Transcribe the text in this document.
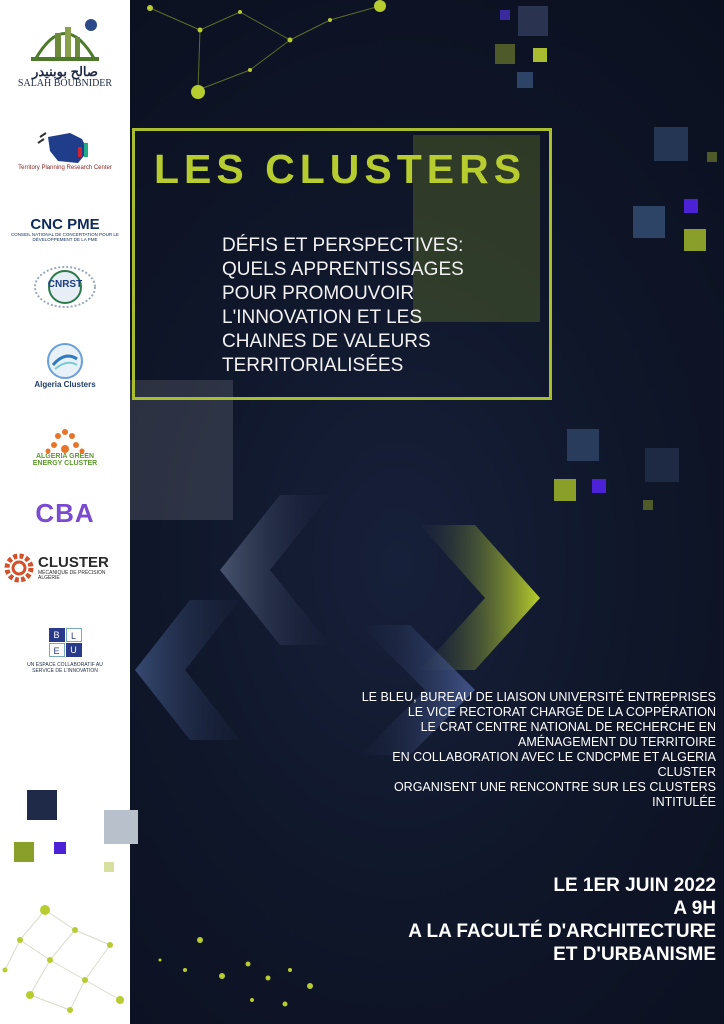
LES CLUSTERS
DÉFIS ET PERSPECTIVES:
QUELS APPRENTISSAGES
POUR PROMOUVOIR
L'INNOVATION ET LES
CHAINES DE VALEURS
TERRITORIALISÉES
LE BLEU, BUREAU DE LIAISON UNIVERSITÉ ENTREPRISES
LE VICE RECTORAT CHARGÉ DE LA COPPÉRATION
LE CRAT CENTRE NATIONAL DE RECHERCHE EN
AMÉNAGEMENT DU TERRITOIRE
EN COLLABORATION AVEC LE CNDCPME ET ALGERIA
CLUSTER
ORGANISENT UNE RENCONTRE SUR LES CLUSTERS
INTITULÉE
LE 1ER JUIN 2022
A 9H
A LA FACULTÉ D'ARCHITECTURE
ET D'URBANISME
صالح بوبنيدر
SALAH BOUBNIDER
Territory Planning Research Center
CNC PME
CONSEIL NATIONAL DE CONCERTATION POUR LE DÉVELOPPEMENT DE LA PME
CNRST
Algeria Clusters
ALGERIA GREEN ENERGY CLUSTER
CBA
CLUSTER
MÉCANIQUE DE PRÉCISION ALGÉRIE
B	L
E	U
UN ESPACE COLLABORATIF AU SERVICE DE L'INNOVATION
